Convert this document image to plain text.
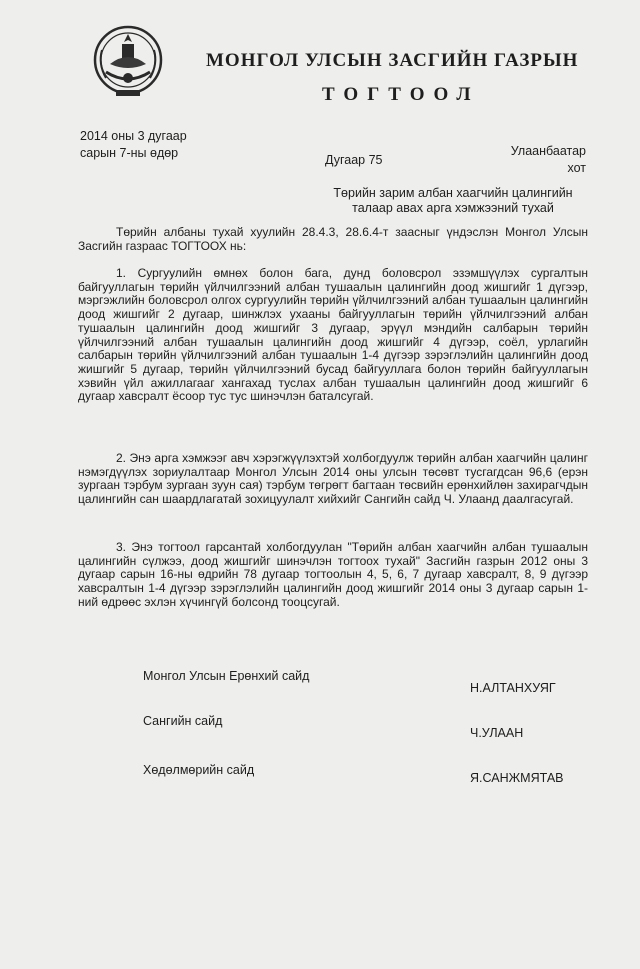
МОНГОЛ УЛСЫН ЗАСГИЙН ГАЗРЫН
ТОГТООЛ
2014 оны 3 дугаар
сарын 7-ны өдөр	Дугаар 75
Улаанбаатар
хот
Төрийн зарим албан хаагчийн цалингийн
талаар авах арга хэмжээний тухай

Төрийн албаны тухай хуулийн 28.4.3, 28.6.4-т заасныг үндэслэн Монгол Улсын Засгийн газраас ТОГТООХ нь:

1. Сургуулийн өмнөх болон бага, дунд боловсрол эзэмшүүлэх сургалтын байгууллагын төрийн үйлчилгээний албан тушаалын цалингийн доод жишгийг 1 дүгээр, мэргэжлийн боловсрол олгох сургуулийн төрийн үйлчилгээний албан тушаалын цалингийн доод жишгийг 2 дугаар, шинжлэх ухааны байгууллагын төрийн үйлчилгээний албан тушаалын цалингийн доод жишгийг 3 дугаар, эрүүл мэндийн салбарын төрийн үйлчилгээний албан тушаалын цалингийн доод жишгийг 4 дүгээр, соёл, урлагийн салбарын төрийн үйлчилгээний албан тушаалын 1-4 дүгээр зэрэглэлийн цалингийн доод жишгийг 5 дугаар, төрийн үйлчилгээний бусад байгууллага болон төрийн байгууллагын хэвийн үйл ажиллагааг хангахад туслах албан тушаалын цалингийн доод жишгийг 6 дугаар хавсралт ёсоор тус тус шинэчлэн баталсугай.

2. Энэ арга хэмжээг авч хэрэгжүүлэхтэй холбогдуулж төрийн албан хаагчийн цалинг нэмэгдүүлэх зориулалтаар Монгол Улсын 2014 оны улсын төсөвт тусгагдсан 96,6 (ерэн зургаан тэрбум зургаан зуун сая) тэрбум төгрөгт багтаан төсвийн ерөнхийлөн захирагчдын цалингийн сан шаардлагатай зохицуулалт хийхийг Сангийн сайд Ч. Улаанд даалгасугай.

3. Энэ тогтоол гарсантай холбогдуулан "Төрийн албан хаагчийн албан тушаалын цалингийн сүлжээ, доод жишгийг шинэчлэн тогтоох тухай" Засгийн газрын 2012 оны 3 дугаар сарын 16-ны өдрийн 78 дугаар тогтоолын 4, 5, 6, 7 дугаар хавсралт, 8, 9 дүгээр хавсралтын 1-4 дүгээр зэрэглэлийн цалингийн доод жишгийг 2014 оны 3 дугаар сарын 1-ний өдрөөс эхлэн хүчингүй болсонд тооцсугай.

Монгол Улсын Ерөнхий сайд
Н.АЛТАНХУЯГ
Сангийн сайд
Ч.УЛААН
Хөдөлмөрийн сайд
Я.САНЖМЯТАВ
